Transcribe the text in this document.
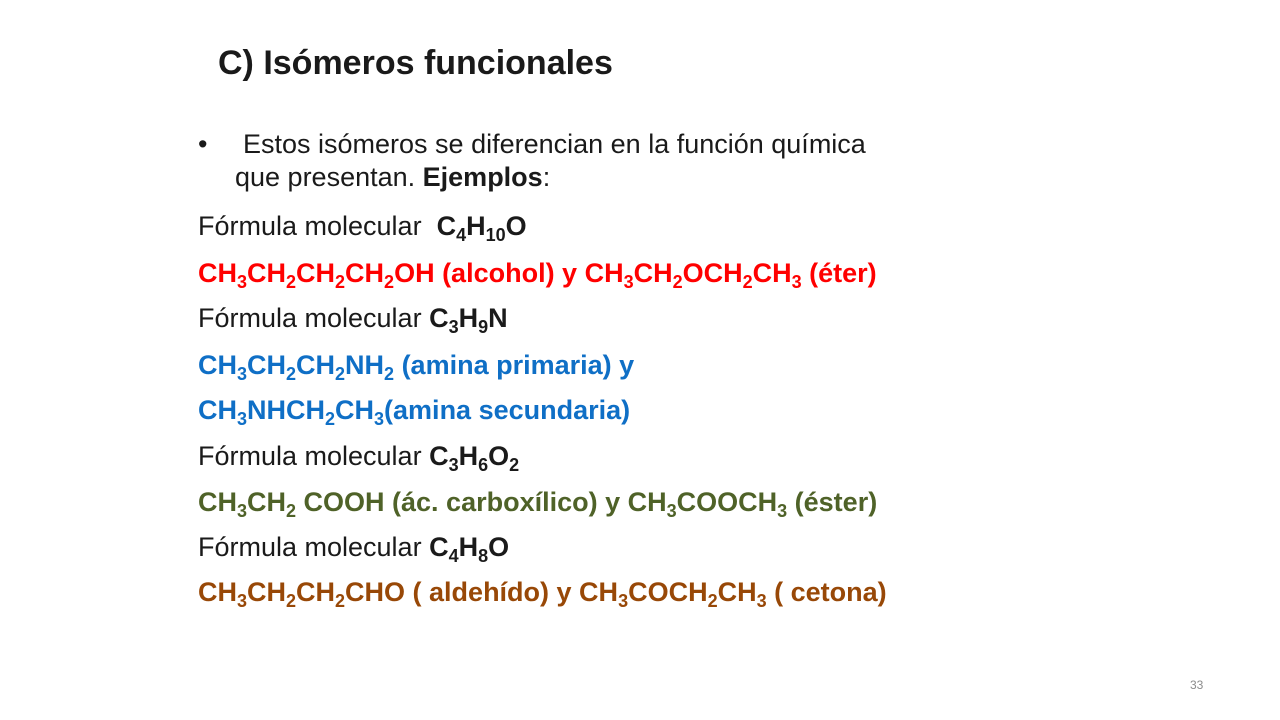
C) Isómeros funcionales
•	Estos isómeros se diferencian en la función química
que presentan. Ejemplos:
Fórmula molecular  $C_4H_{10}O$
$CH_3CH_2CH_2CH_2OH$ (alcohol) y $CH_3CH_2OCH_2CH_3$ (éter)
Fórmula molecular $C_3H_9N$
$CH_3CH_2CH_2NH_2$ (amina primaria) y
$CH_3NHCH_2CH_3(amina$ secundaria)
Fórmula molecular $C_3H_6O_2$
$CH_3CH_2$ COOH (ác. carboxílico) y $CH_3COOCH_3$ (éster)
Fórmula molecular $C_4H_8O$
$CH_3CH_2CH_2CHO$ ( aldehído) y $CH_3COCH_2CH_3$ ( cetona)
33
